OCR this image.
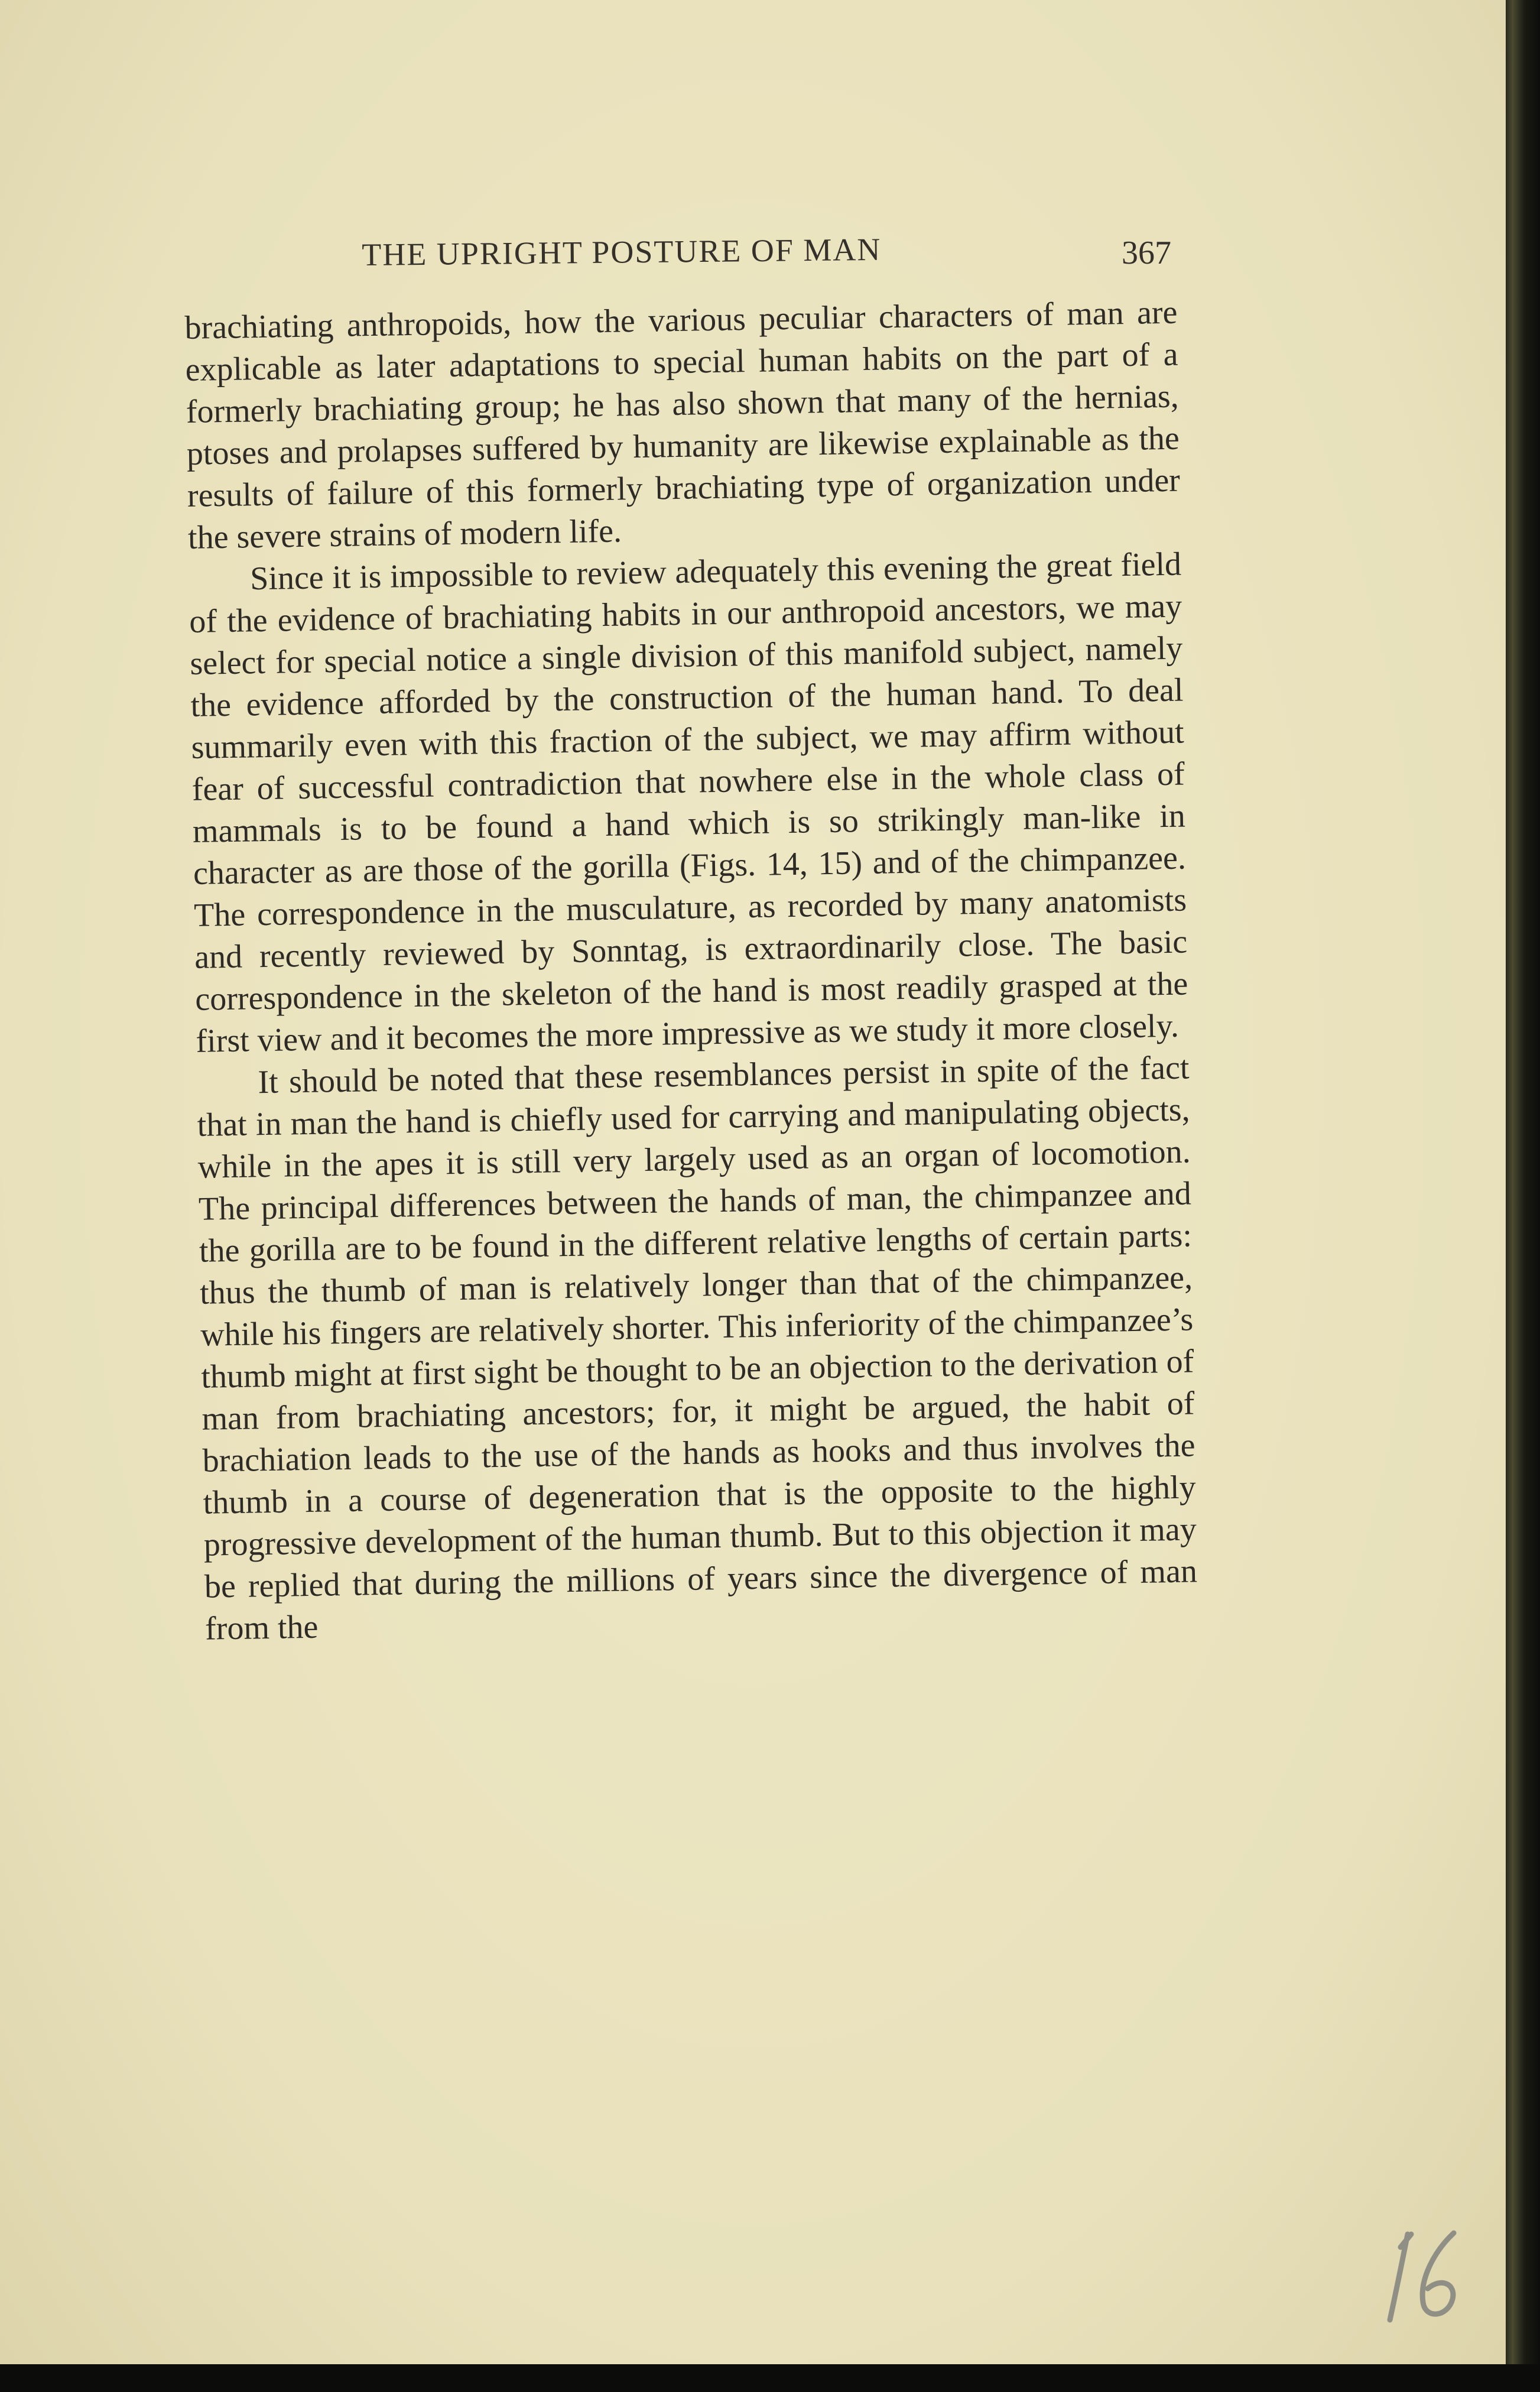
THE UPRIGHT POSTURE OF MAN	367

brachiating anthropoids, how the various peculiar characters of man are explicable as later adaptations to special human habits on the part of a formerly brachiating group; he has also shown that many of the hernias, ptoses and prolapses suffered by humanity are likewise explainable as the results of failure of this formerly brachiating type of organization under the severe strains of modern life.

Since it is impossible to review adequately this evening the great field of the evidence of brachiating habits in our anthropoid ancestors, we may select for special notice a single division of this manifold subject, namely the evidence afforded by the construction of the human hand. To deal summarily even with this fraction of the subject, we may affirm without fear of successful contradiction that nowhere else in the whole class of mammals is to be found a hand which is so strikingly man-like in character as are those of the gorilla (Figs. 14, 15) and of the chimpanzee. The correspondence in the musculature, as recorded by many anatomists and recently reviewed by Sonntag, is extraordinarily close. The basic correspondence in the skeleton of the hand is most readily grasped at the first view and it becomes the more impressive as we study it more closely.

It should be noted that these resemblances persist in spite of the fact that in man the hand is chiefly used for carrying and manipulating objects, while in the apes it is still very largely used as an organ of locomotion. The principal differences between the hands of man, the chimpanzee and the gorilla are to be found in the different relative lengths of certain parts: thus the thumb of man is relatively longer than that of the chimpanzee, while his fingers are relatively shorter. This inferiority of the chimpanzee’s thumb might at first sight be thought to be an objection to the derivation of man from brachiating ancestors; for, it might be argued, the habit of brachiation leads to the use of the hands as hooks and thus involves the thumb in a course of degeneration that is the opposite to the highly progressive development of the human thumb. But to this objection it may be replied that during the millions of years since the divergence of man from the
